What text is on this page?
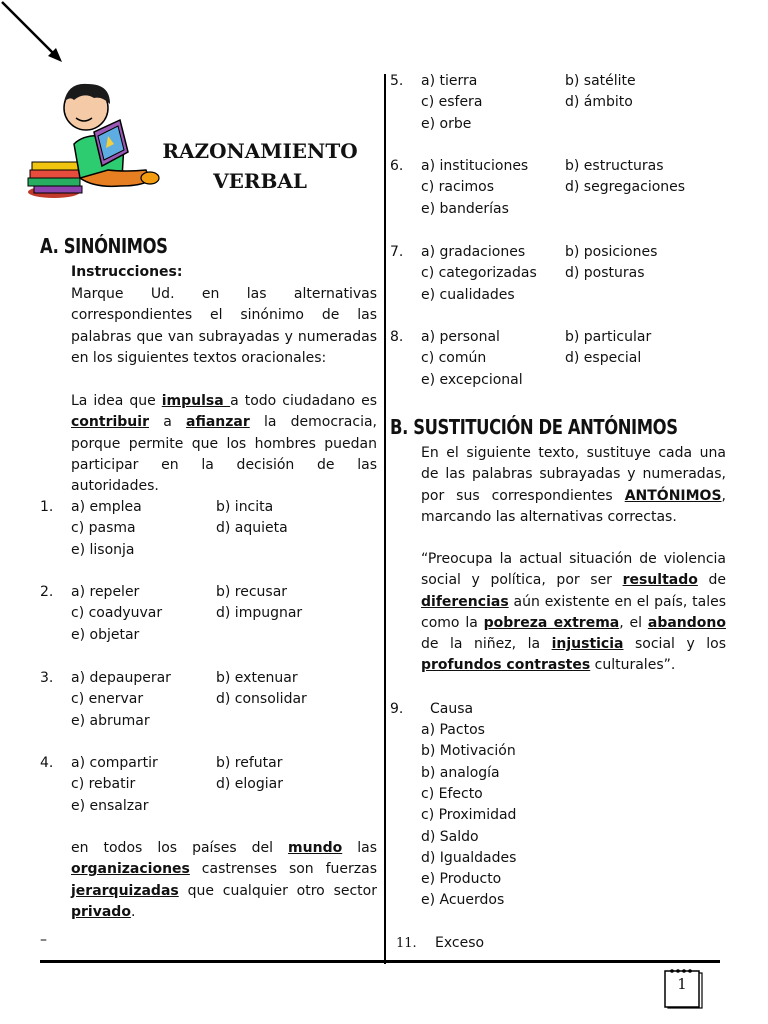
RAZONAMIENTO
VERBAL
A. SINÓNIMOS
Instrucciones:
Marque Ud. en las alternativas correspondientes el sinónimo de las palabras que van subrayadas y numeradas en los siguientes textos oracionales:
La idea que impulsa a todo ciudadano es contribuir a afianzar la democracia, porque permite que los hombres puedan participar en la decisión de las autoridades.
1. a) emplea	b) incita
c) pasma	d) aquieta
e) lisonja
2. a) repeler	b) recusar
c) coadyuvar	d) impugnar
e) objetar
3. a) depauperar	b) extenuar
c) enervar	d) consolidar
e) abrumar
4. a) compartir	b) refutar
c) rebatir	d) elogiar
e) ensalzar
en todos los países del mundo las organizaciones castrenses son fuerzas jerarquizadas que cualquier otro sector privado.
–
5. a) tierra	b) satélite
c) esfera	d) ámbito
e) orbe
6. a) instituciones	b) estructuras
c) racimos	d) segregaciones
e) banderías
7. a) gradaciones	b) posiciones
c) categorizadas d) posturas
e) cualidades
8. a) personal	b) particular
c) común	d) especial
e) excepcional
B. SUSTITUCIÓN DE ANTÓNIMOS
En el siguiente texto, sustituye cada una de las palabras subrayadas y numeradas, por sus correspondientes ANTÓNIMOS, marcando las alternativas correctas.
“Preocupa la actual situación de violencia social y política, por ser resultado de diferencias aún existente en el país, tales como la pobreza extrema, el abandono de la niñez, la injusticia social y los profundos contrastes culturales”.
9. Causa
a) Pactos
b) Motivación
b) analogía
c) Efecto
c) Proximidad
d) Saldo
d) Igualdades
e) Producto
e) Acuerdos
11. Exceso
1
